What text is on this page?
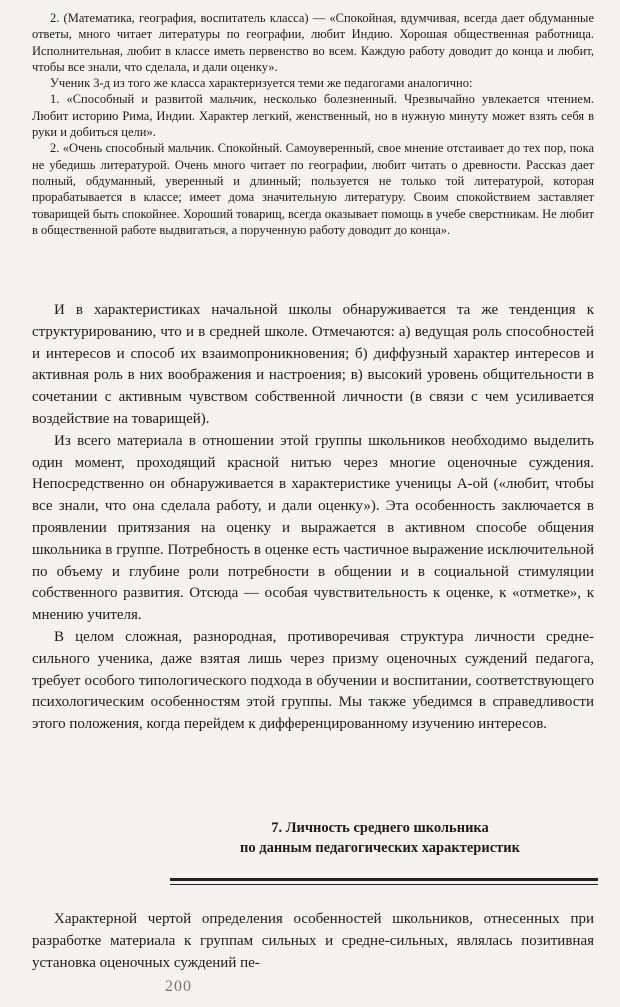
2. (Математика, география, воспитатель класса) — «Спокойная, вдумчивая, всегда дает обдуманные ответы, много читает литературы по географии, любит Индию. Хорошая общественная работница. Исполнительная, любит в классе иметь первенство во всем. Каждую работу доводит до конца и любит, чтобы все знали, что сделала, и дали оценку».

Ученик 3-д из того же класса характеризуется теми же педагогами аналогично:

1. «Способный и развитой мальчик, несколько болезненный. Чрезвычайно увлекается чтением. Любит историю Рима, Индии. Характер легкий, женственный, но в нужную минуту может взять себя в руки и добиться цели».

2. «Очень способный мальчик. Спокойный. Самоуверенный, свое мнение отстаивает до тех пор, пока не убедишь литературой. Очень много читает по географии, любит читать о древности. Рассказ дает полный, обдуманный, уверенный и длинный; пользуется не только той литературой, которая прорабатывается в классе; имеет дома значительную литературу. Своим спокойствием заставляет товарищей быть спокойнее. Хороший товарищ, всегда оказывает помощь в учебе сверстникам. Не любит в общественной работе выдвигаться, а порученную работу доводит до конца».

И в характеристиках начальной школы обнаруживается та же тенденция к структурированию, что и в средней школе. Отмечаются: а) ведущая роль способностей и интересов и способ их взаимопроникновения; б) диффузный характер интересов и активная роль в них воображения и настроения; в) высокий уровень общительности в сочетании с активным чувством собственной личности (в связи с чем усиливается воздействие на товарищей).

Из всего материала в отношении этой группы школьников необходимо выделить один момент, проходящий красной нитью через многие оценочные суждения. Непосредственно он обнаруживается в характеристике ученицы А-ой («любит, чтобы все знали, что она сделала работу, и дали оценку»). Эта особенность заключается в проявлении притязания на оценку и выражается в активном способе общения школьника в группе. Потребность в оценке есть частичное выражение исключительной по объему и глубине роли потребности в общении и в социальной стимуляции собственного развития. Отсюда — особая чувствительность к оценке, к «отметке», к мнению учителя.

В целом сложная, разнородная, противоречивая структура личности средне-сильного ученика, даже взятая лишь через призму оценочных суждений педагога, требует особого типологического подхода в обучении и воспитании, соответствующего психологическим особенностям этой группы. Мы также убедимся в справедливости этого положения, когда перейдем к дифференцированному изучению интересов.

7. Личность среднего школьника
по данным педагогических характеристик

Характерной чертой определения особенностей школьников, отнесенных при разработке материала к группам сильных и средне-сильных, являлась позитивная установка оценочных суждений пе-

200
